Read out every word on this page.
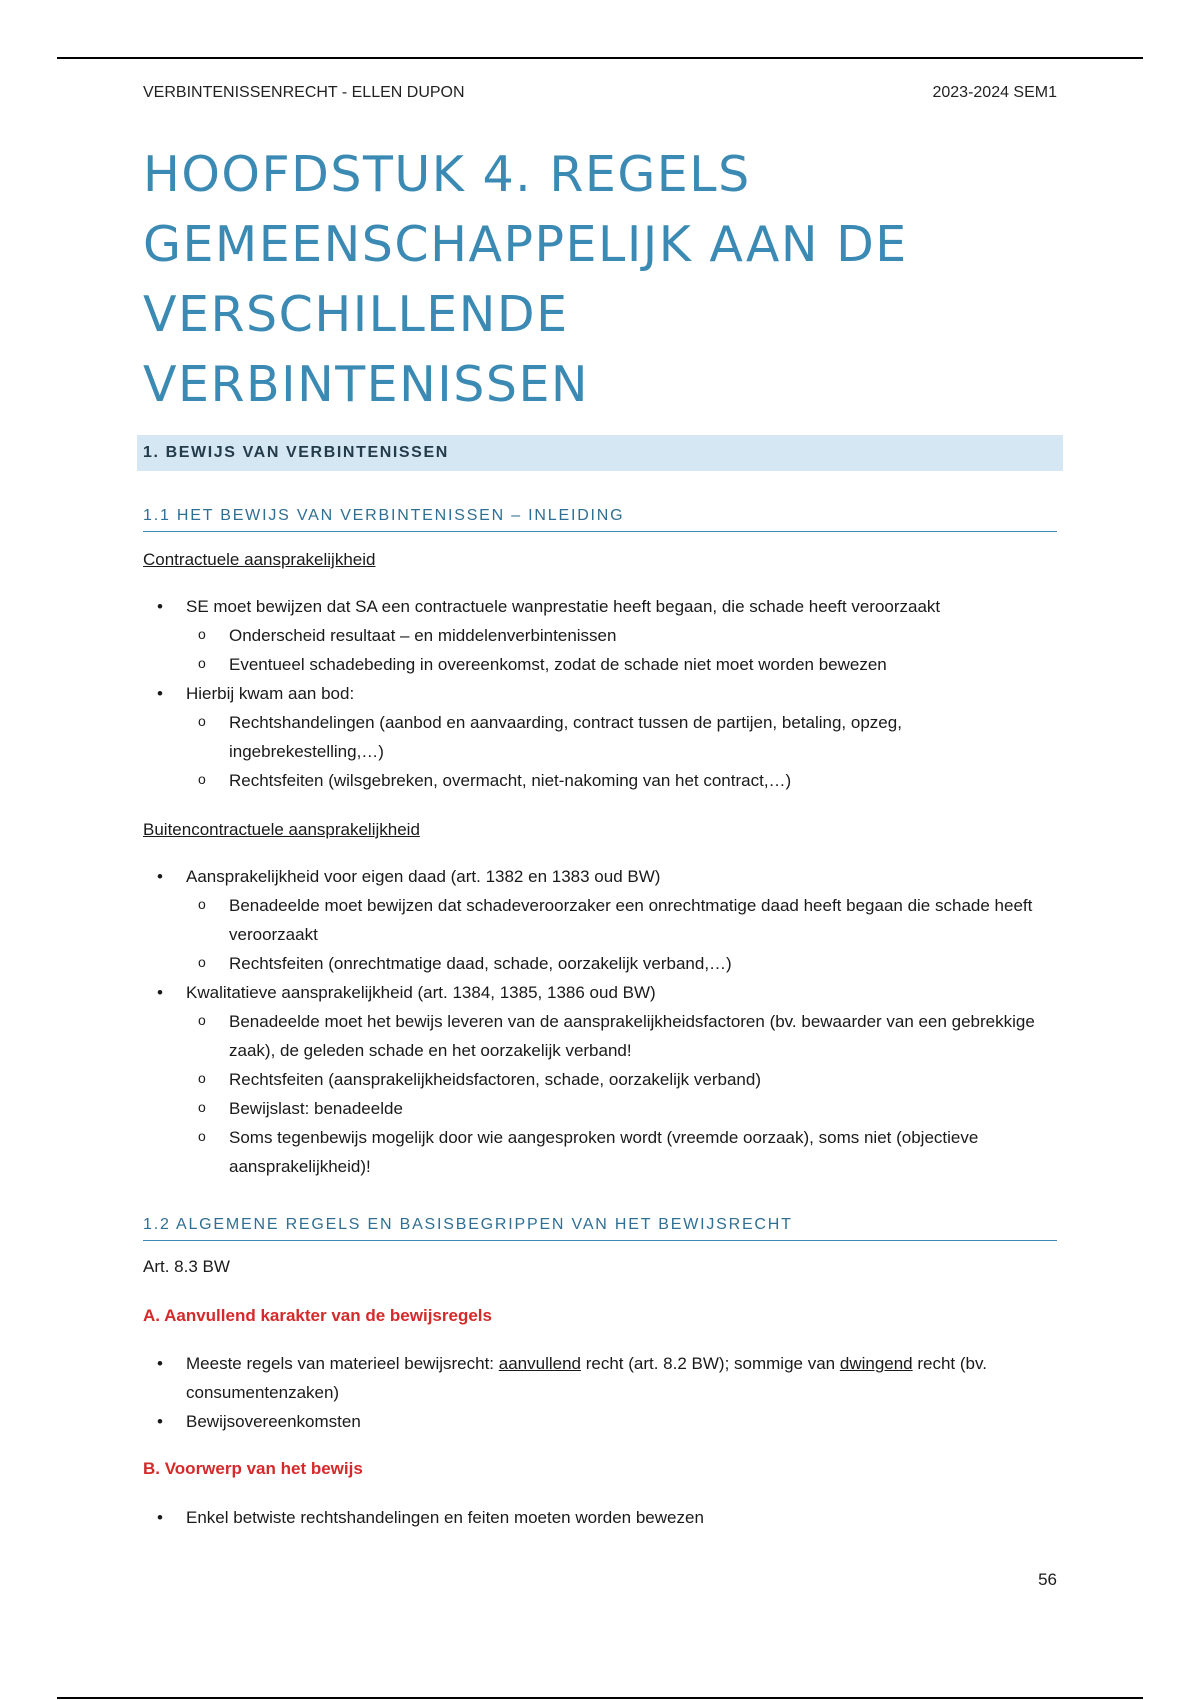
VERBINTENISSENRECHT - ELLEN DUPON	2023-2024 SEM1
HOOFDSTUK 4. REGELS
GEMEENSCHAPPELIJK AAN DE
VERSCHILLENDE
VERBINTENISSEN
1. BEWIJS VAN VERBINTENISSEN
1.1 HET BEWIJS VAN VERBINTENISSEN – INLEIDING
Contractuele aansprakelijkheid
• SE moet bewijzen dat SA een contractuele wanprestatie heeft begaan, die schade heeft veroorzaakt
o Onderscheid resultaat – en middelenverbintenissen
o Eventueel schadebeding in overeenkomst, zodat de schade niet moet worden bewezen
• Hierbij kwam aan bod:
o Rechtshandelingen (aanbod en aanvaarding, contract tussen de partijen, betaling, opzeg, ingebrekestelling,…)
o Rechtsfeiten (wilsgebreken, overmacht, niet-nakoming van het contract,…)
Buitencontractuele aansprakelijkheid
• Aansprakelijkheid voor eigen daad (art. 1382 en 1383 oud BW)
o Benadeelde moet bewijzen dat schadeveroorzaker een onrechtmatige daad heeft begaan die schade heeft veroorzaakt
o Rechtsfeiten (onrechtmatige daad, schade, oorzakelijk verband,…)
• Kwalitatieve aansprakelijkheid (art. 1384, 1385, 1386 oud BW)
o Benadeelde moet het bewijs leveren van de aansprakelijkheidsfactoren (bv. bewaarder van een gebrekkige zaak), de geleden schade en het oorzakelijk verband!
o Rechtsfeiten (aansprakelijkheidsfactoren, schade, oorzakelijk verband)
o Bewijslast: benadeelde
o Soms tegenbewijs mogelijk door wie aangesproken wordt (vreemde oorzaak), soms niet (objectieve aansprakelijkheid)!
1.2 ALGEMENE REGELS EN BASISBEGRIPPEN VAN HET BEWIJSRECHT
Art. 8.3 BW
A. Aanvullend karakter van de bewijsregels
• Meeste regels van materieel bewijsrecht: aanvullend recht (art. 8.2 BW); sommige van dwingend recht (bv. consumentenzaken)
• Bewijsovereenkomsten
B. Voorwerp van het bewijs
• Enkel betwiste rechtshandelingen en feiten moeten worden bewezen
56
